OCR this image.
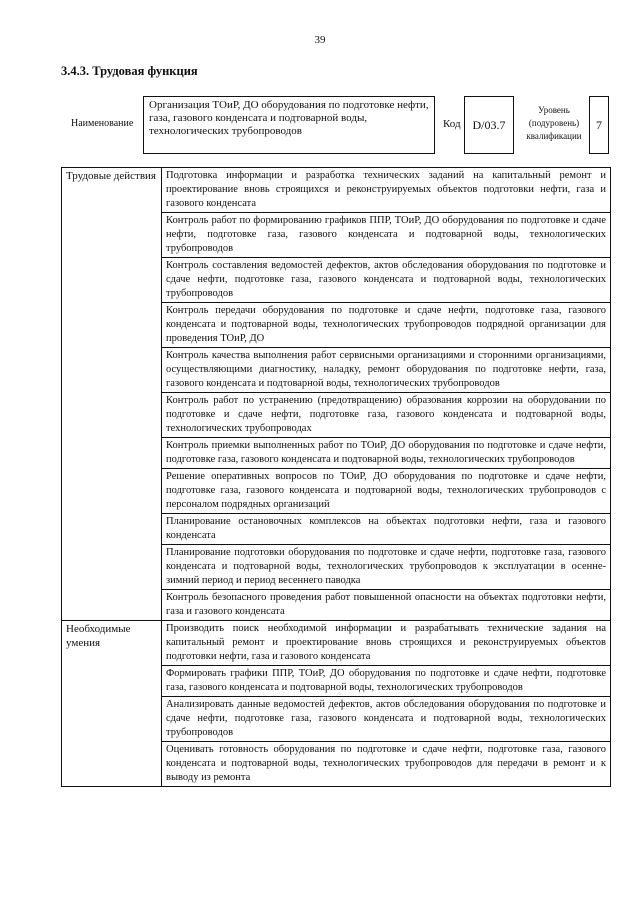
39
3.4.3. Трудовая функция
Наименование
Организация ТОиР, ДО оборудования по подготовке нефти, газа, газового конденсата и подтоварной воды, технологических трубопроводов
Код D/03.7
Уровень (подуровень) квалификации
7
Трудовые действия	Подготовка информации и разработка технических заданий на капитальный ремонт и проектирование вновь строящихся и реконструируемых объектов подготовки нефти, газа и газового конденсата
	Контроль работ по формированию графиков ППР, ТОиР, ДО оборудования по подготовке и сдаче нефти, подготовке газа, газового конденсата и подтоварной воды, технологических трубопроводов
	Контроль составления ведомостей дефектов, актов обследования оборудования по подготовке и сдаче нефти, подготовке газа, газового конденсата и подтоварной воды, технологических трубопроводов
	Контроль передачи оборудования по подготовке и сдаче нефти, подготовке газа, газового конденсата и подтоварной воды, технологических трубопроводов подрядной организации для проведения ТОиР, ДО
	Контроль качества выполнения работ сервисными организациями и сторонними организациями, осуществляющими диагностику, наладку, ремонт оборудования по подготовке нефти, газа, газового конденсата и подтоварной воды, технологических трубопроводов
	Контроль работ по устранению (предотвращению) образования коррозии на оборудовании по подготовке и сдаче нефти, подготовке газа, газового конденсата и подтоварной воды, технологических трубопроводах
	Контроль приемки выполненных работ по ТОиР, ДО оборудования по подготовке и сдаче нефти, подготовке газа, газового конденсата и подтоварной воды, технологических трубопроводов
	Решение оперативных вопросов по ТОиР, ДО оборудования по подготовке и сдаче нефти, подготовке газа, газового конденсата и подтоварной воды, технологических трубопроводов с персоналом подрядных организаций
	Планирование остановочных комплексов на объектах подготовки нефти, газа и газового конденсата
	Планирование подготовки оборудования по подготовке и сдаче нефти, подготовке газа, газового конденсата и подтоварной воды, технологических трубопроводов к эксплуатации в осенне-зимний период и период весеннего паводка
	Контроль безопасного проведения работ повышенной опасности на объектах подготовки нефти, газа и газового конденсата
Необходимые умения	Производить поиск необходимой информации и разрабатывать технические задания на капитальный ремонт и проектирование вновь строящихся и реконструируемых объектов подготовки нефти, газа и газового конденсата
	Формировать графики ППР, ТОиР, ДО оборудования по подготовке и сдаче нефти, подготовке газа, газового конденсата и подтоварной воды, технологических трубопроводов
	Анализировать данные ведомостей дефектов, актов обследования оборудования по подготовке и сдаче нефти, подготовке газа, газового конденсата и подтоварной воды, технологических трубопроводов
	Оценивать готовность оборудования по подготовке и сдаче нефти, подготовке газа, газового конденсата и подтоварной воды, технологических трубопроводов для передачи в ремонт и к выводу из ремонта
